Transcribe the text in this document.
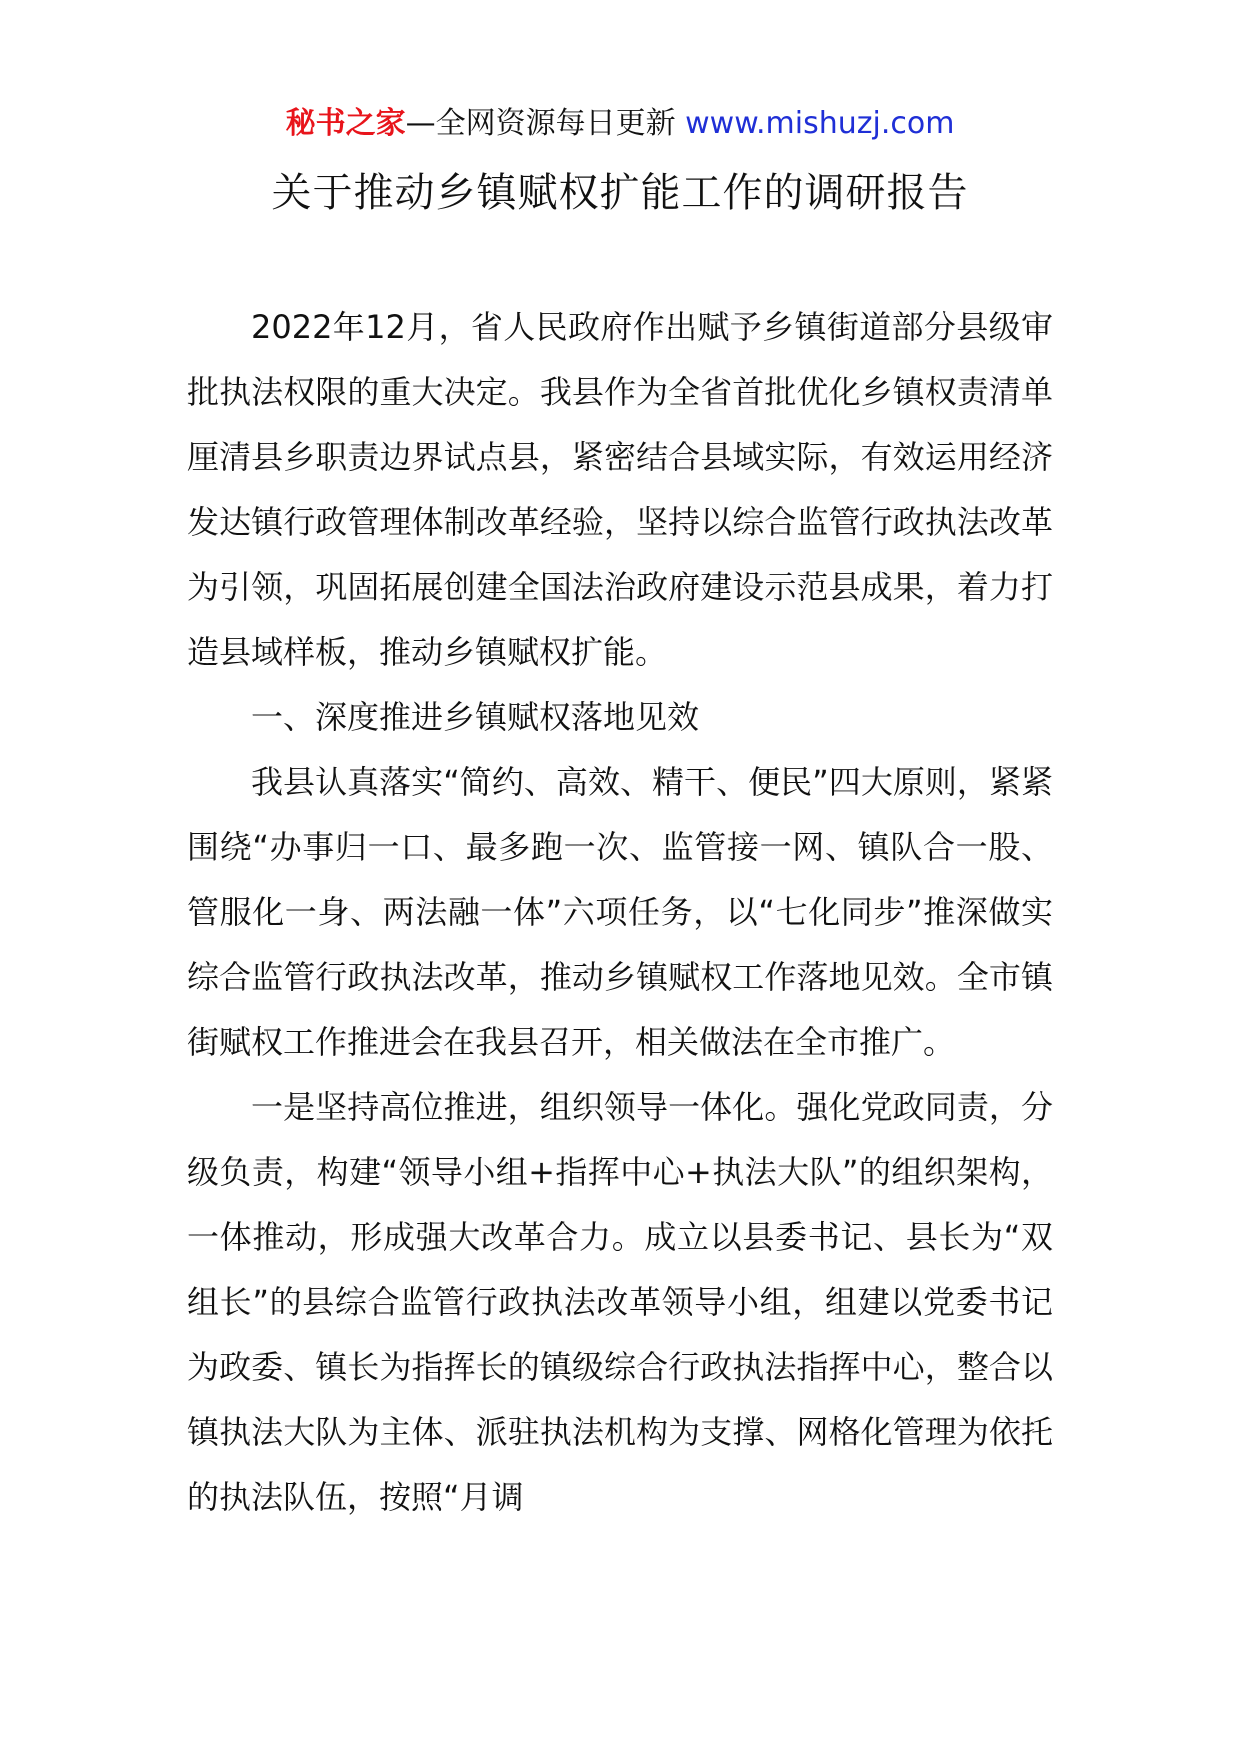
秘书之家—全网资源每日更新 www.mishuzj.com
关于推动乡镇赋权扩能工作的调研报告

2022年12月，省人民政府作出赋予乡镇街道部分县级审批执法权限的重大决定。我县作为全省首批优化乡镇权责清单厘清县乡职责边界试点县，紧密结合县域实际，有效运用经济发达镇行政管理体制改革经验，坚持以综合监管行政执法改革为引领，巩固拓展创建全国法治政府建设示范县成果，着力打造县域样板，推动乡镇赋权扩能。

一、深度推进乡镇赋权落地见效

我县认真落实“简约、高效、精干、便民”四大原则，紧紧围绕“办事归一口、最多跑一次、监管接一网、镇队合一股、管服化一身、两法融一体”六项任务，以“七化同步”推深做实综合监管行政执法改革，推动乡镇赋权工作落地见效。全市镇街赋权工作推进会在我县召开，相关做法在全市推广。

一是坚持高位推进，组织领导一体化。强化党政同责，分级负责，构建“领导小组+指挥中心+执法大队”的组织架构，一体推动，形成强大改革合力。成立以县委书记、县长为“双组长”的县综合监管行政执法改革领导小组，组建以党委书记为政委、镇长为指挥长的镇级综合行政执法指挥中心，整合以镇执法大队为主体、派驻执法机构为支撑、网格化管理为依托的执法队伍，按照“月调
